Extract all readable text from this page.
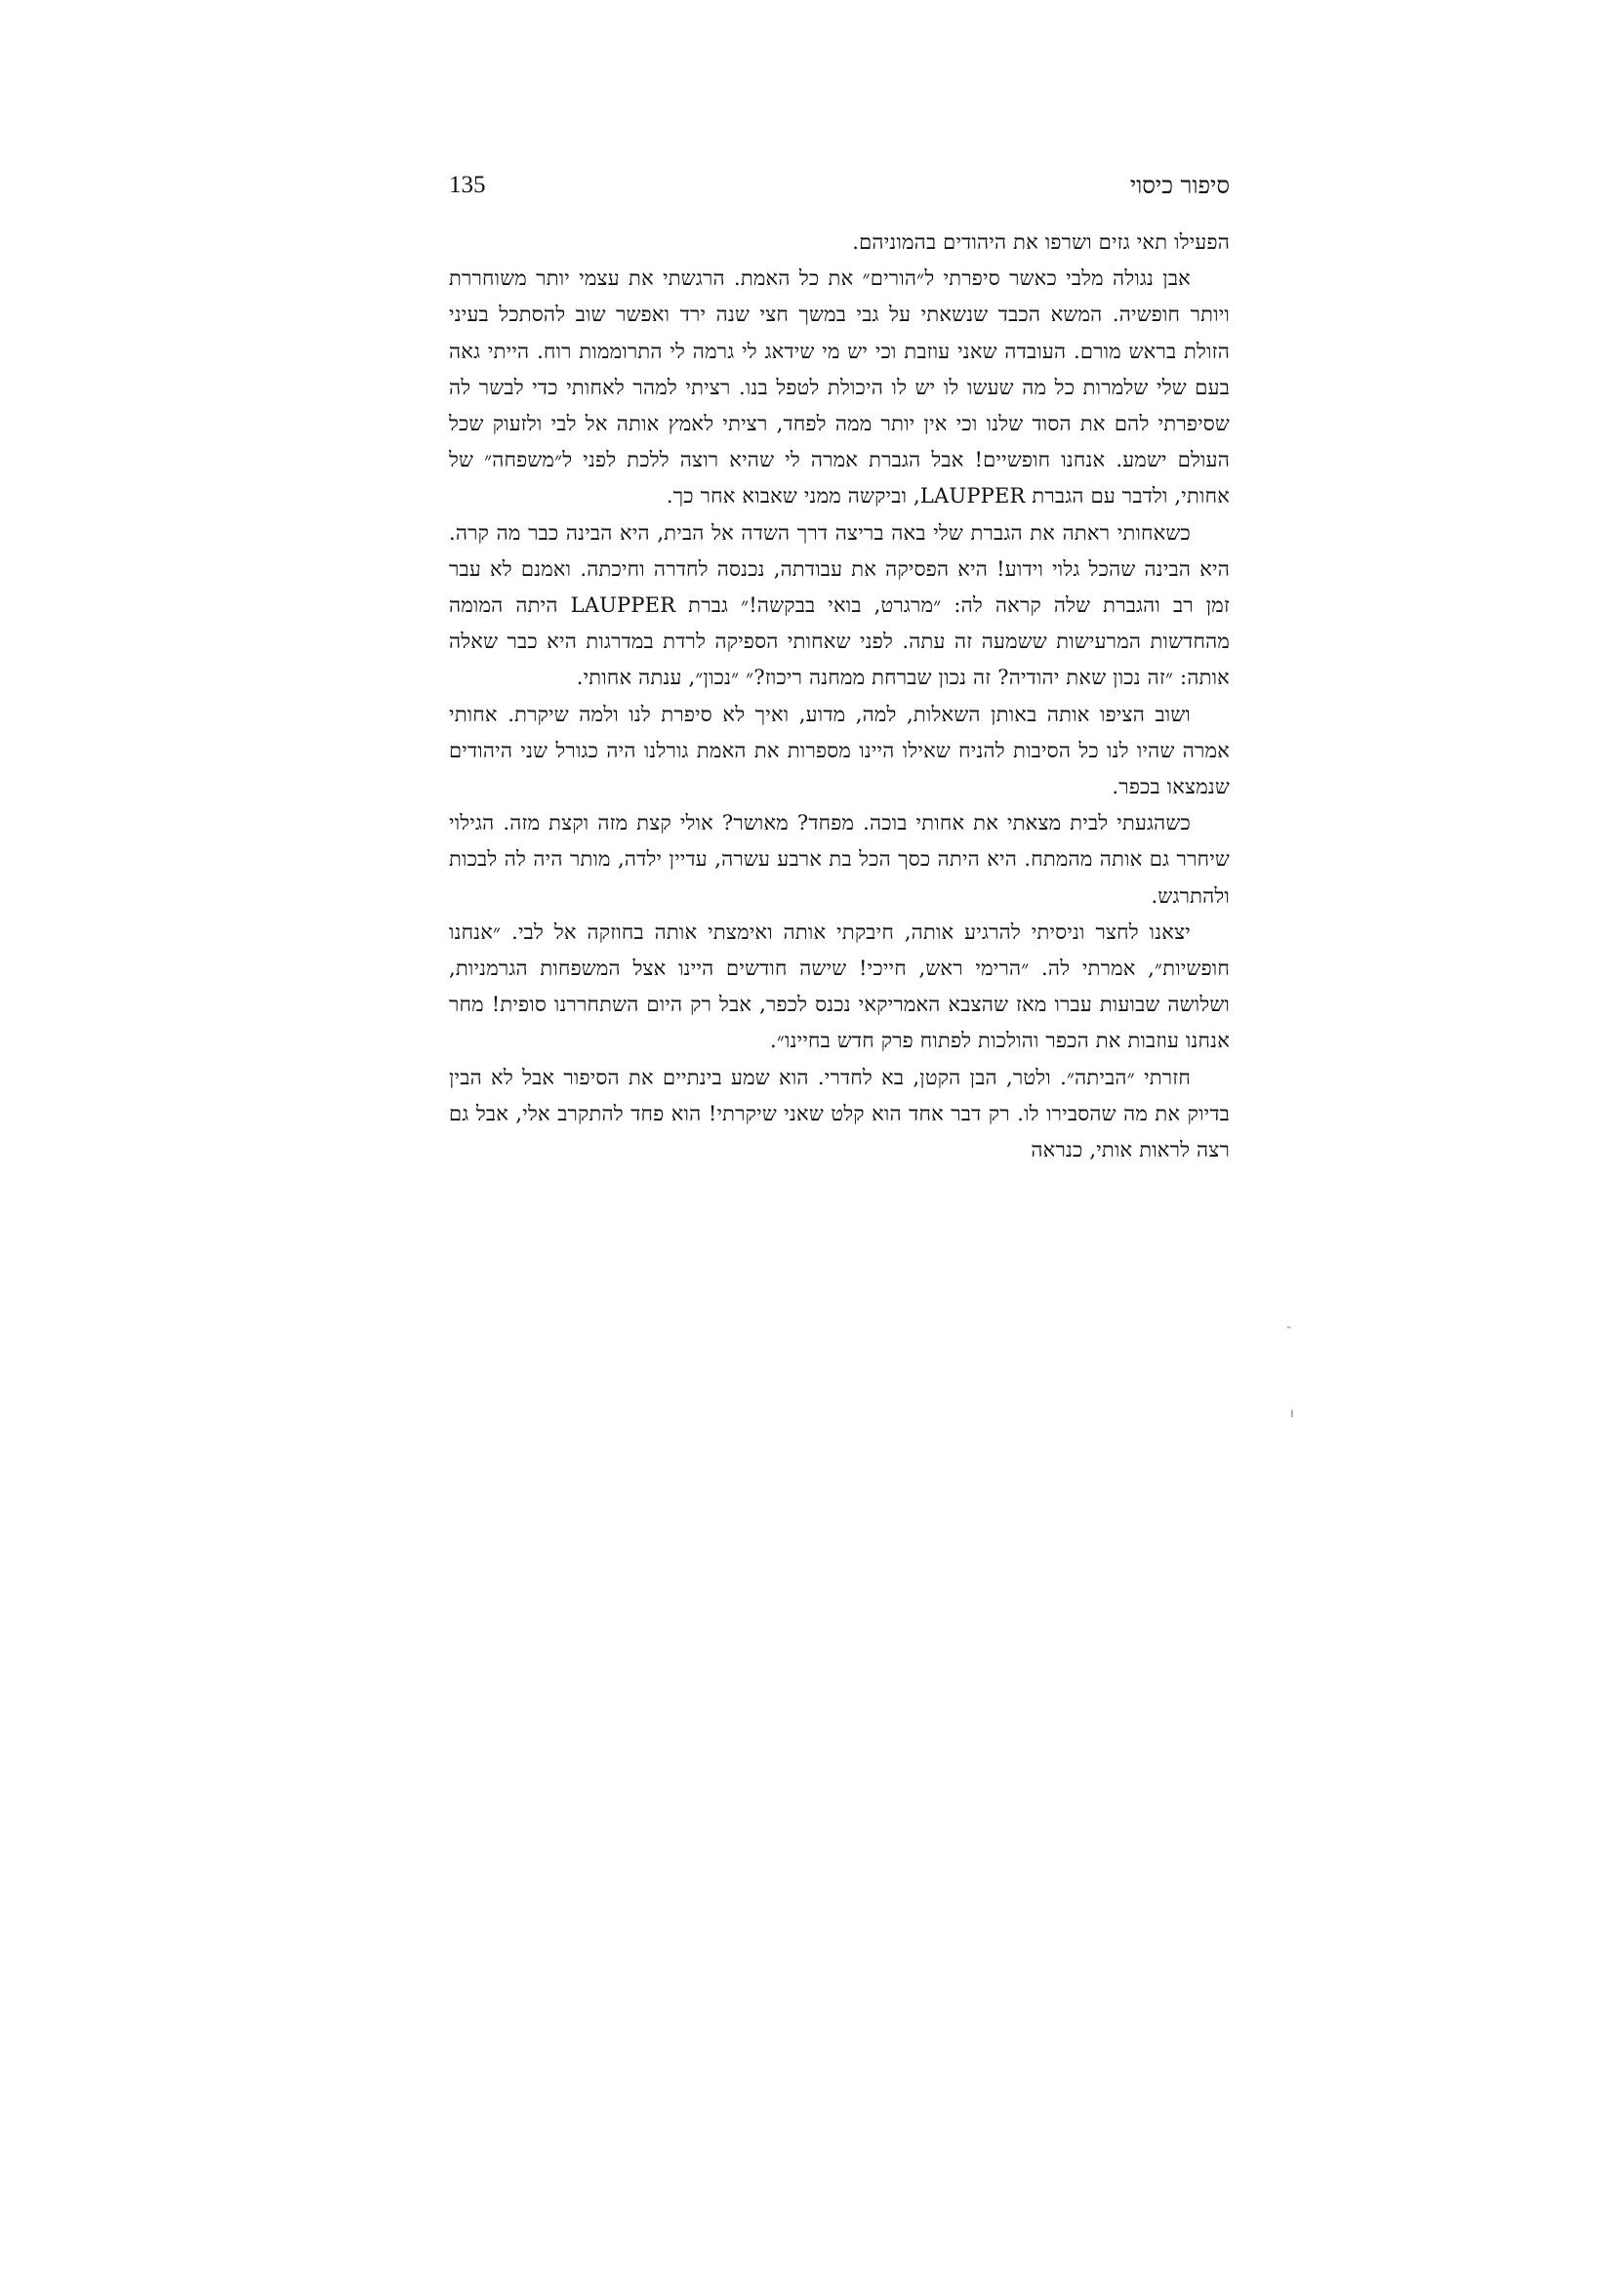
135	סיפור כיסוי

הפעילו תאי גזים ושרפו את היהודים בהמוניהם.

אבן נגולה מלבי כאשר סיפרתי ל״הורים״ את כל האמת. הרגשתי את עצמי יותר משוחררת ויותר חופשיה. המשא הכבד שנשאתי על גבי במשך חצי שנה ירד ואפשר שוב להסתכל בעיני הזולת בראש מורם. העובדה שאני עוזבת וכי יש מי שידאג לי גרמה לי התרוממות רוח. הייתי גאה בעם שלי שלמרות כל מה שעשו לו יש לו היכולת לטפל בנו. רציתי למהר לאחותי כדי לבשר לה שסיפרתי להם את הסוד שלנו וכי אין יותר ממה לפחד, רציתי לאמץ אותה אל לבי ולזעוק שכל העולם ישמע. אנחנו חופשיים! אבל הגברת אמרה לי שהיא רוצה ללכת לפני ל״משפחה״ של אחותי, ולדבר עם הגברת LAUPPER, וביקשה ממני שאבוא אחר כך.

כשאחותי ראתה את הגברת שלי באה בריצה דרך השדה אל הבית, היא הבינה כבר מה קרה. היא הבינה שהכל גלוי וידוע! היא הפסיקה את עבודתה, נכנסה לחדרה וחיכתה. ואמנם לא עבר זמן רב והגברת שלה קראה לה: ״מרגרט, בואי בבקשה!״ גברת LAUPPER היתה המומה מהחדשות המרעישות ששמעה זה עתה. לפני שאחותי הספיקה לרדת במדרגות היא כבר שאלה אותה: ״זה נכון שאת יהודיה? זה נכון שברחת ממחנה ריכוז?״ ״נכון״, ענתה אחותי.

ושוב הציפו אותה באותן השאלות, למה, מדוע, ואיך לא סיפרת לנו ולמה שיקרת. אחותי אמרה שהיו לנו כל הסיבות להניח שאילו היינו מספרות את האמת גורלנו היה כגורל שני היהודים שנמצאו בכפר.

כשהגעתי לבית מצאתי את אחותי בוכה. מפחד? מאושר? אולי קצת מזה וקצת מזה. הגילוי שיחרר גם אותה מהמתח. היא היתה כסך הכל בת ארבע עשרה, עדיין ילדה, מותר היה לה לבכות ולהתרגש.

יצאנו לחצר וניסיתי להרגיע אותה, חיבקתי אותה ואימצתי אותה בחוזקה אל לבי. ״אנחנו חופשיות״, אמרתי לה. ״הרימי ראש, חייכי! שישה חודשים היינו אצל המשפחות הגרמניות, ושלושה שבועות עברו מאז שהצבא האמריקאי נכנס לכפר, אבל רק היום השתחררנו סופית! מחר אנחנו עוזבות את הכפר והולכות לפתוח פרק חדש בחיינו״.

חזרתי ״הביתה״. ולטר, הבן הקטן, בא לחדרי. הוא שמע בינתיים את הסיפור אבל לא הבין בדיוק את מה שהסבירו לו. רק דבר אחד הוא קלט שאני שיקרתי! הוא פחד להתקרב אלי, אבל גם רצה לראות אותי, כנראה

-
ו
